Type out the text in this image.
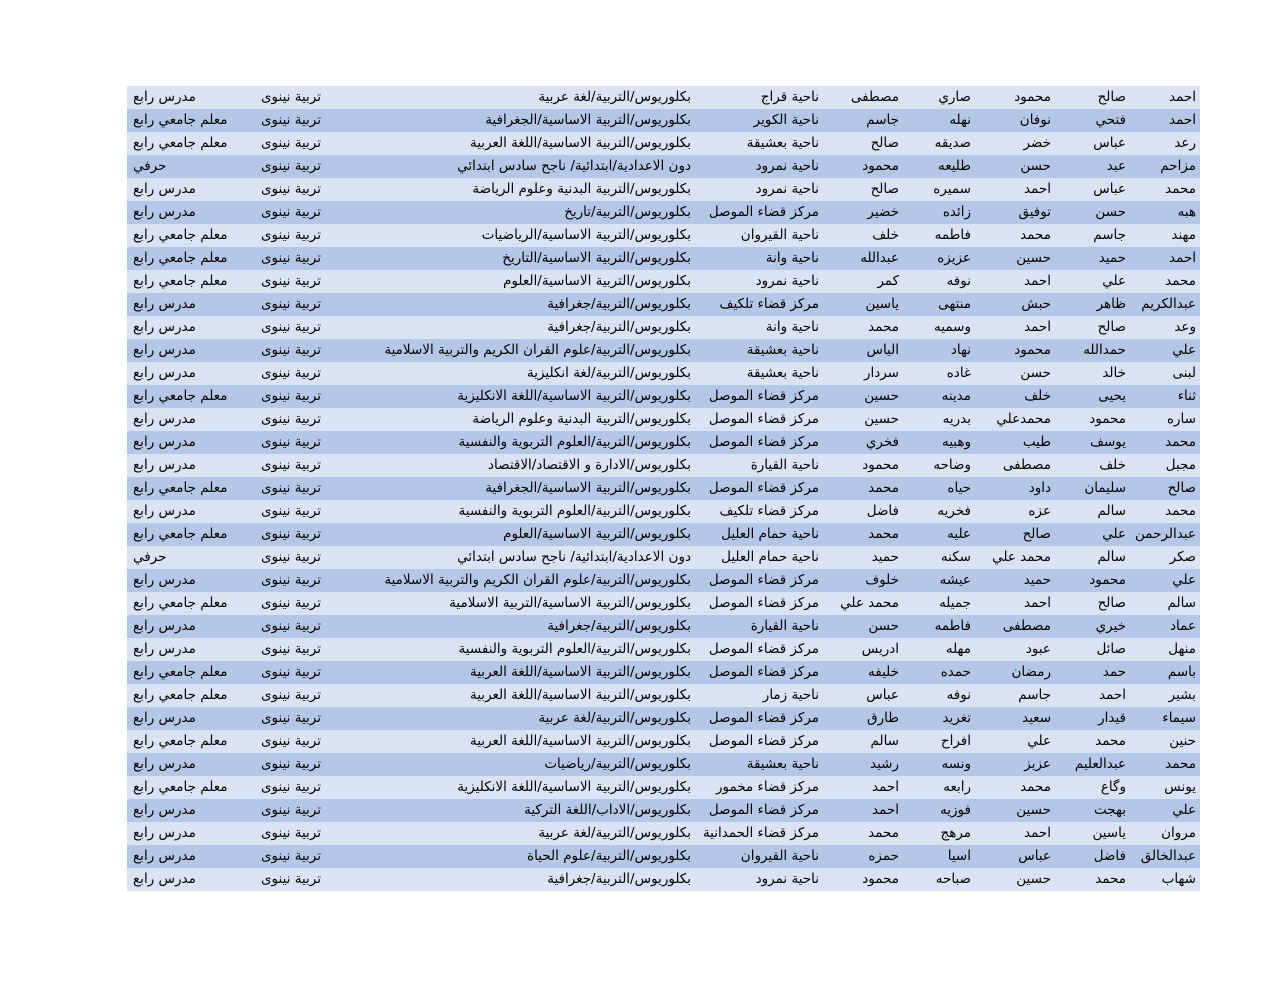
احمد	صالح	محمود	صاري	مصطفى	ناحية قراج	بكلوريوس/التربية/لغة عربية	تربية نينوى	مدرس رابع
احمد	فتحي	نوفان	نهله	جاسم	ناحية الكوير	بكلوريوس/التربية الاساسية/الجغرافية	تربية نينوى	معلم جامعي رابع
رعد	عباس	خضر	صديقه	صالح	ناحية بعشيقة	بكلوريوس/التربية الاساسية/اللغة العربية	تربية نينوى	معلم جامعي رابع
مزاحم	عبد	حسن	طليعه	محمود	ناحية نمرود	دون الاعدادية/ابتدائية/ ناجح سادس ابتدائي	تربية نينوى	حرفي
محمد	عباس	احمد	سميره	صالح	ناحية نمرود	بكلوريوس/التربية البدنية وعلوم الرياضة	تربية نينوى	مدرس رابع
هبه	حسن	توفيق	زائده	خضير	مركز قضاء الموصل	بكلوريوس/التربية/تاريخ	تربية نينوى	مدرس رابع
مهند	جاسم	محمد	فاطمه	خلف	ناحية القيروان	بكلوريوس/التربية الاساسية/الرياضيات	تربية نينوى	معلم جامعي رابع
احمد	حميد	حسين	عزيزه	عبدالله	ناحية وانة	بكلوريوس/التربية الاساسية/التاريخ	تربية نينوى	معلم جامعي رابع
محمد	علي	احمد	نوفه	كمر	ناحية نمرود	بكلوريوس/التربية الاساسية/العلوم	تربية نينوى	معلم جامعي رابع
عبدالكريم	ظاهر	حبش	منتهى	ياسين	مركز قضاء تلكيف	بكلوريوس/التربية/جغرافية	تربية نينوى	مدرس رابع
وعد	صالح	احمد	وسميه	محمد	ناحية وانة	بكلوريوس/التربية/جغرافية	تربية نينوى	مدرس رابع
علي	حمدالله	محمود	نهاد	الياس	ناحية بعشيقة	بكلوريوس/التربية/علوم القران الكريم والتربية الاسلامية	تربية نينوى	مدرس رابع
لبنى	خالد	حسن	غاده	سردار	ناحية بعشيقة	بكلوريوس/التربية/لغة انكليزية	تربية نينوى	مدرس رابع
ثناء	يحيى	خلف	مدينه	حسين	مركز قضاء الموصل	بكلوريوس/التربية الاساسية/اللغة الانكليزية	تربية نينوى	معلم جامعي رابع
ساره	محمود	محمدعلي	بدريه	حسين	مركز قضاء الموصل	بكلوريوس/التربية البدنية وعلوم الرياضة	تربية نينوى	مدرس رابع
محمد	يوسف	طيب	وهبيه	فخري	مركز قضاء الموصل	بكلوريوس/التربية/العلوم التربوية والنفسية	تربية نينوى	مدرس رابع
مجبل	خلف	مصطفى	وضاحه	محمود	ناحية القيارة	بكلوريوس/الادارة و الاقتصاد/الاقتصاد	تربية نينوى	مدرس رابع
صالح	سليمان	داود	حياه	محمد	مركز قضاء الموصل	بكلوريوس/التربية الاساسية/الجغرافية	تربية نينوى	معلم جامعي رابع
محمد	سالم	عزه	فخريه	فاضل	مركز قضاء تلكيف	بكلوريوس/التربية/العلوم التربوية والنفسية	تربية نينوى	مدرس رابع
عبدالرحمن	علي	صالح	عليه	محمد	ناحية حمام العليل	بكلوريوس/التربية الاساسية/العلوم	تربية نينوى	معلم جامعي رابع
صكر	سالم	محمد علي	سكنه	حميد	ناحية حمام العليل	دون الاعدادية/ابتدائية/ ناجح سادس ابتدائي	تربية نينوى	حرفي
علي	محمود	حميد	عيشه	خلوف	مركز قضاء الموصل	بكلوريوس/التربية/علوم القران الكريم والتربية الاسلامية	تربية نينوى	مدرس رابع
سالم	صالح	احمد	جميله	محمد علي	مركز قضاء الموصل	بكلوريوس/التربية الاساسية/التربية الاسلامية	تربية نينوى	معلم جامعي رابع
عماد	خيري	مصطفى	فاطمه	حسن	ناحية القيارة	بكلوريوس/التربية/جغرافية	تربية نينوى	مدرس رابع
منهل	صائل	عبود	مهله	ادريس	مركز قضاء الموصل	بكلوريوس/التربية/العلوم التربوية والنفسية	تربية نينوى	مدرس رابع
باسم	حمد	رمضان	حمده	خليفه	مركز قضاء الموصل	بكلوريوس/التربية الاساسية/اللغة العربية	تربية نينوى	معلم جامعي رابع
بشير	احمد	جاسم	نوفه	عباس	ناحية زمار	بكلوريوس/التربية الاساسية/اللغة العربية	تربية نينوى	معلم جامعي رابع
سيماء	قيدار	سعيد	تغريد	طارق	مركز قضاء الموصل	بكلوريوس/التربية/لغة عربية	تربية نينوى	مدرس رابع
حنين	محمد	علي	افراح	سالم	مركز قضاء الموصل	بكلوريوس/التربية الاساسية/اللغة العربية	تربية نينوى	معلم جامعي رابع
محمد	عبدالعليم	عزيز	ونسه	رشيد	ناحية بعشيقة	بكلوريوس/التربية/رياضيات	تربية نينوى	مدرس رابع
يونس	وگاع	محمد	رابعه	احمد	مركز قضاء مخمور	بكلوريوس/التربية الاساسية/اللغة الانكليزية	تربية نينوى	معلم جامعي رابع
علي	بهجت	حسين	فوزيه	احمد	مركز قضاء الموصل	بكلوريوس/الاداب/اللغة التركية	تربية نينوى	مدرس رابع
مروان	ياسين	احمد	مرهج	محمد	مركز قضاء الحمدانية	بكلوريوس/التربية/لغة عربية	تربية نينوى	مدرس رابع
عبدالخالق	فاضل	عباس	اسيا	حمزه	ناحية القيروان	بكلوريوس/التربية/علوم الحياة	تربية نينوى	مدرس رابع
شهاب	محمد	حسين	صباحه	محمود	ناحية نمرود	بكلوريوس/التربية/جغرافية	تربية نينوى	مدرس رابع
